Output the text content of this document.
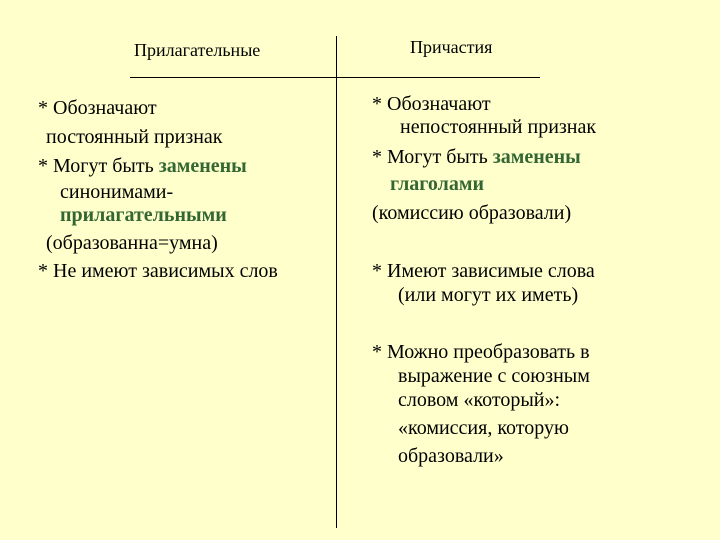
Прилагательные
* Обозначают
постоянный признак
* Могут быть заменены
синонимами-
прилагательными
(образованна=умна)
* Не имеют зависимых слов
Причастия
* Обозначают
непостоянный признак
* Могут быть заменены
глаголами
(комиссию образовали)
* Имеют зависимые слова
(или могут их иметь)
* Можно преобразовать в
выражение с союзным
словом «который»:
«комиссия, которую
образовали»
